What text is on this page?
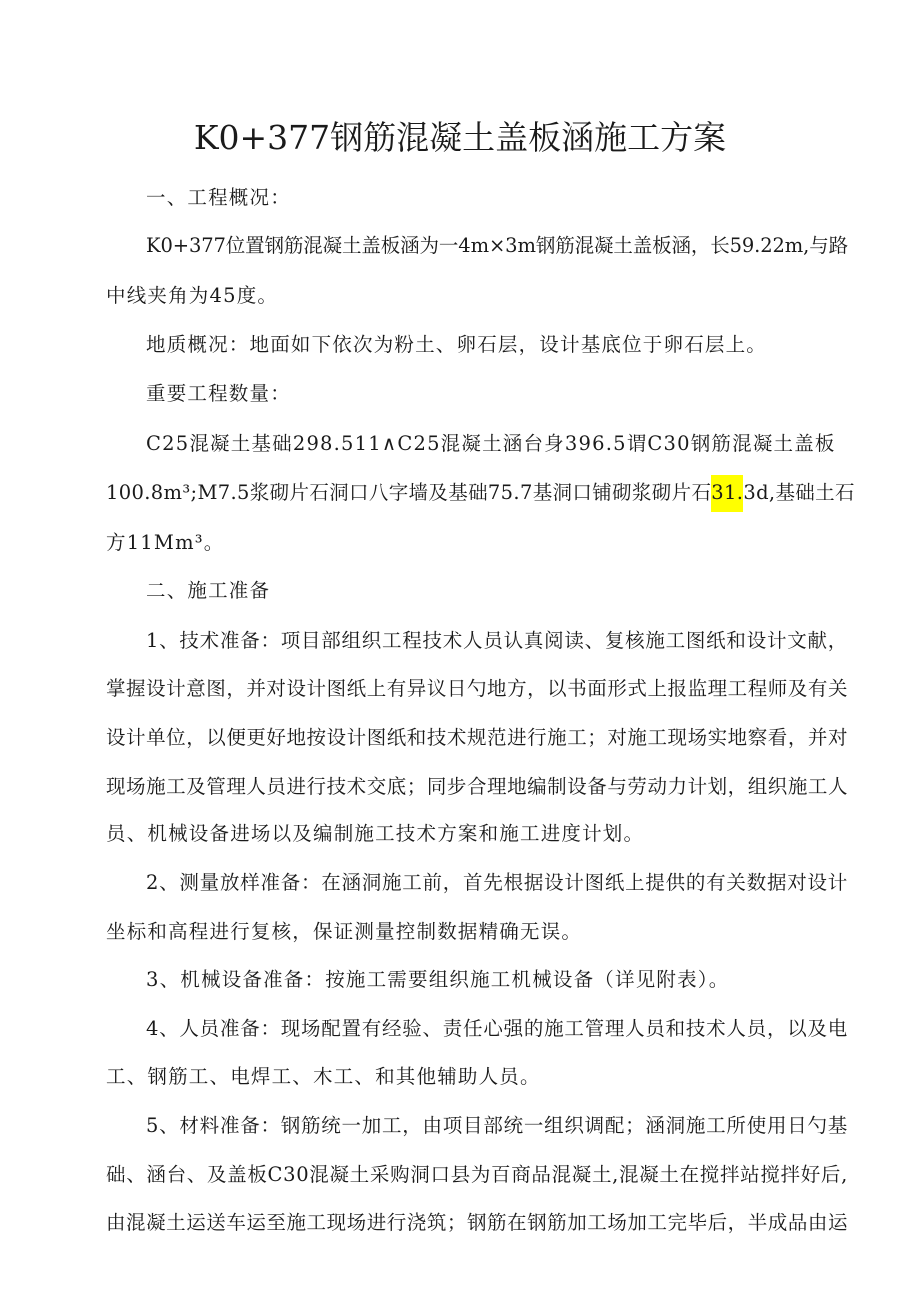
K0+377钢筋混凝土盖板涵施工方案
一、工程概况：
K0+377位置钢筋混凝土盖板涵为一4m×3m钢筋混凝土盖板涵，长59.22m,与路
中线夹角为45度。
地质概况：地面如下依次为粉土、卵石层，设计基底位于卵石层上。
重要工程数量：
C25混凝土基础298.511∧C25混凝土涵台身396.5谓C30钢筋混凝土盖板
100.8m³;M7.5浆砌片石洞口八字墙及基础75.7基洞口铺砌浆砌片石31.3d,基础土石
方11Mm³。
二、施工准备
1、技术准备：项目部组织工程技术人员认真阅读、复核施工图纸和设计文献，
掌握设计意图，并对设计图纸上有异议日勺地方，以书面形式上报监理工程师及有关
设计单位，以便更好地按设计图纸和技术规范进行施工；对施工现场实地察看，并对
现场施工及管理人员进行技术交底；同步合理地编制设备与劳动力计划，组织施工人
员、机械设备进场以及编制施工技术方案和施工进度计划。
2、测量放样准备：在涵洞施工前，首先根据设计图纸上提供的有关数据对设计
坐标和高程进行复核，保证测量控制数据精确无误。
3、机械设备准备：按施工需要组织施工机械设备（详见附表）。
4、人员准备：现场配置有经验、责任心强的施工管理人员和技术人员，以及电
工、钢筋工、电焊工、木工、和其他辅助人员。
5、材料准备：钢筋统一加工，由项目部统一组织调配；涵洞施工所使用日勺基
础、涵台、及盖板C30混凝土采购洞口县为百商品混凝土,混凝土在搅拌站搅拌好后,
由混凝土运送车运至施工现场进行浇筑；钢筋在钢筋加工场加工完毕后，半成品由运
